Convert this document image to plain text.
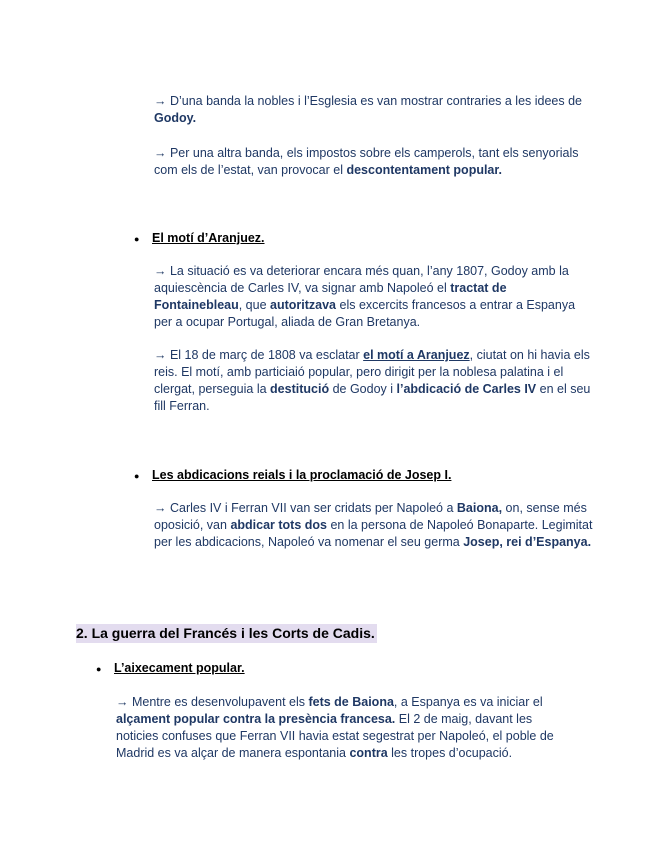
→ D’una banda la nobles i l’Esglesia es van mostrar contraries a les idees de Godoy.

→ Per una altra banda, els impostos sobre els camperols, tant els senyorials com els de l’estat, van provocar el descontentament popular.

●	El motí d’Aranjuez.

→ La situació es va deteriorar encara més quan, l’any 1807, Godoy amb la aquiescència de Carles IV, va signar amb Napoleó el tractat de Fontainebleau, que autoritzava els excercits francesos a entrar a Espanya per a ocupar Portugal, aliada de Gran Bretanya.

→ El 18 de març de 1808 va esclatar el motí a Aranjuez, ciutat on hi havia els reis. El motí, amb particiaió popular, pero dirigit per la noblesa palatina i el clergat, perseguia la destitució de Godoy i l’abdicació de Carles IV en el seu fill Ferran.

●	Les abdicacions reials i la proclamació de Josep I.

→ Carles IV i Ferran VII van ser cridats per Napoleó a Baiona, on, sense més oposició, van abdicar tots dos en la persona de Napoleó Bonaparte. Legimitat per les abdicacions, Napoleó va nomenar el seu germa Josep, rei d’Espanya.

2. La guerra del Francés i les Corts de Cadis.
●	L’aixecament popular.

→ Mentre es desenvolupavent els fets de Baiona, a Espanya es va iniciar el alçament popular contra la presència francesa. El 2 de maig, davant les noticies confuses que Ferran VII havia estat segestrat per Napoleó, el poble de Madrid es va alçar de manera espontania contra les tropes d’ocupació.
